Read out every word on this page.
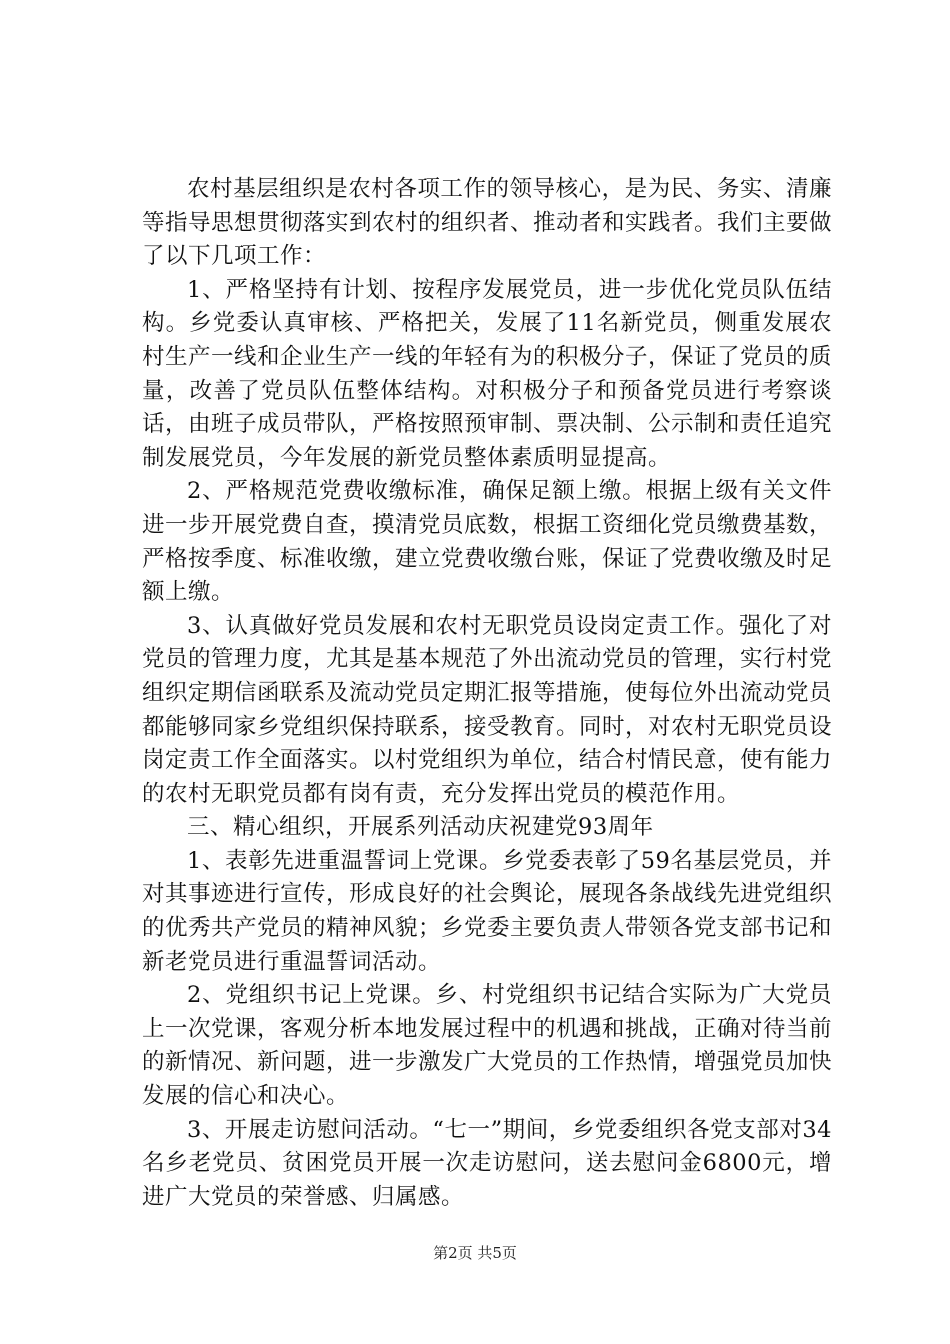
农村基层组织是农村各项工作的领导核心，是为民、务实、清廉等指导思想贯彻落实到农村的组织者、推动者和实践者。我们主要做了以下几项工作：

1、严格坚持有计划、按程序发展党员，进一步优化党员队伍结构。乡党委认真审核、严格把关，发展了11名新党员，侧重发展农村生产一线和企业生产一线的年轻有为的积极分子，保证了党员的质量，改善了党员队伍整体结构。对积极分子和预备党员进行考察谈话，由班子成员带队，严格按照预审制、票决制、公示制和责任追究制发展党员，今年发展的新党员整体素质明显提高。

2、严格规范党费收缴标准，确保足额上缴。根据上级有关文件进一步开展党费自查，摸清党员底数，根据工资细化党员缴费基数，严格按季度、标准收缴，建立党费收缴台账，保证了党费收缴及时足额上缴。

3、认真做好党员发展和农村无职党员设岗定责工作。强化了对党员的管理力度，尤其是基本规范了外出流动党员的管理，实行村党组织定期信函联系及流动党员定期汇报等措施，使每位外出流动党员都能够同家乡党组织保持联系，接受教育。同时，对农村无职党员设岗定责工作全面落实。以村党组织为单位，结合村情民意，使有能力的农村无职党员都有岗有责，充分发挥出党员的模范作用。

三、精心组织，开展系列活动庆祝建党93周年

1、表彰先进重温誓词上党课。乡党委表彰了59名基层党员，并对其事迹进行宣传，形成良好的社会舆论，展现各条战线先进党组织的优秀共产党员的精神风貌；乡党委主要负责人带领各党支部书记和新老党员进行重温誓词活动。

2、党组织书记上党课。乡、村党组织书记结合实际为广大党员上一次党课，客观分析本地发展过程中的机遇和挑战，正确对待当前的新情况、新问题，进一步激发广大党员的工作热情，增强党员加快发展的信心和决心。

3、开展走访慰问活动。“七一”期间，乡党委组织各党支部对34名乡老党员、贫困党员开展一次走访慰问，送去慰问金6800元，增进广大党员的荣誉感、归属感。

第2页 共5页
